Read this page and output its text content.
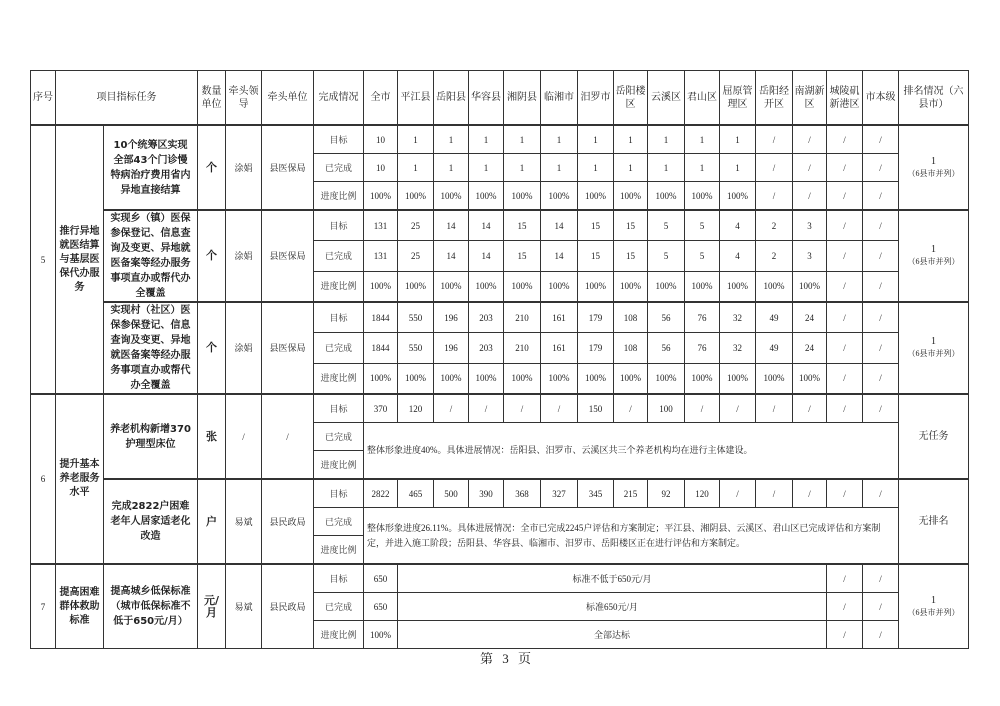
序号	项目指标任务		数量单位	牵头领导	牵头单位	完成情况	全市	平江县	岳阳县	华容县	湘阴县	临湘市	汨罗市	岳阳楼区	云溪区	君山区	屈原管理区	岳阳经开区	南湖新区	城陵矶新港区	市本级	排名情况（六县市）
5	推行异地就医结算与基层医保代办服务	10个统筹区实现全部43个门诊慢特病治疗费用省内异地直接结算	个	涂娟	县医保局	目标	10	1	1	1	1	1	1	1	1	1	1	/	/	/	/	1
（6县市并列）

						已完成	10	1	1	1	1	1	1	1	1	1	1	/	/	/	/	
						进度比例	100%	100%	100%	100%	100%	100%	100%	100%	100%	100%	100%	/	/	/	/	
		实现乡（镇）医保参保登记、信息查询及变更、异地就医备案等经办服务事项直办或帮代办全覆盖	个	涂娟	县医保局	目标	131	25	14	14	15	14	15	15	5	5	4	2	3	/	/	1
（6县市并列）

						已完成	131	25	14	14	15	14	15	15	5	5	4	2	3	/	/	
						进度比例	100%	100%	100%	100%	100%	100%	100%	100%	100%	100%	100%	100%	100%	/	/	
		实现村（社区）医保参保登记、信息查询及变更、异地就医备案等经办服务事项直办或帮代办全覆盖	个	涂娟	县医保局	目标	1844	550	196	203	210	161	179	108	56	76	32	49	24	/	/	1
（6县市并列）

						已完成	1844	550	196	203	210	161	179	108	56	76	32	49	24	/	/	
						进度比例	100%	100%	100%	100%	100%	100%	100%	100%	100%	100%	100%	100%	100%	/	/	
6	提升基本养老服务水平	养老机构新增370护理型床位	张	/	/	目标	370	120	/	/	/	/	150	/	100	/	/	/	/	/	/	无任务

						已完成	整体形象进度40%。具体进展情况：岳阳县、汨罗市、云溪区共三个养老机构均在进行主体建设。															
						进度比例																
		完成2822户困难老年人居家适老化改造	户	易斌	县民政局	目标	2822	465	500	390	368	327	345	215	92	120	/	/	/	/	/	无排名

						已完成	整体形象进度26.11%。具体进展情况：全市已完成2245户评估和方案制定；平江县、湘阴县、云溪区、君山区已完成评估和方案制定，并进入施工阶段；岳阳县、华容县、临湘市、汨罗市、岳阳楼区正在进行评估和方案制定。															
						进度比例																
7	提高困难群体救助标准	提高城乡低保标准（城市低保标准不低于650元/月）	元/月	易斌	县民政局	目标	650	标准不低于650元/月												/	/	1
（6县市并列）

						已完成	650	标准650元/月												/	/	
						进度比例	100%	全部达标												/	/	
第 3 页
